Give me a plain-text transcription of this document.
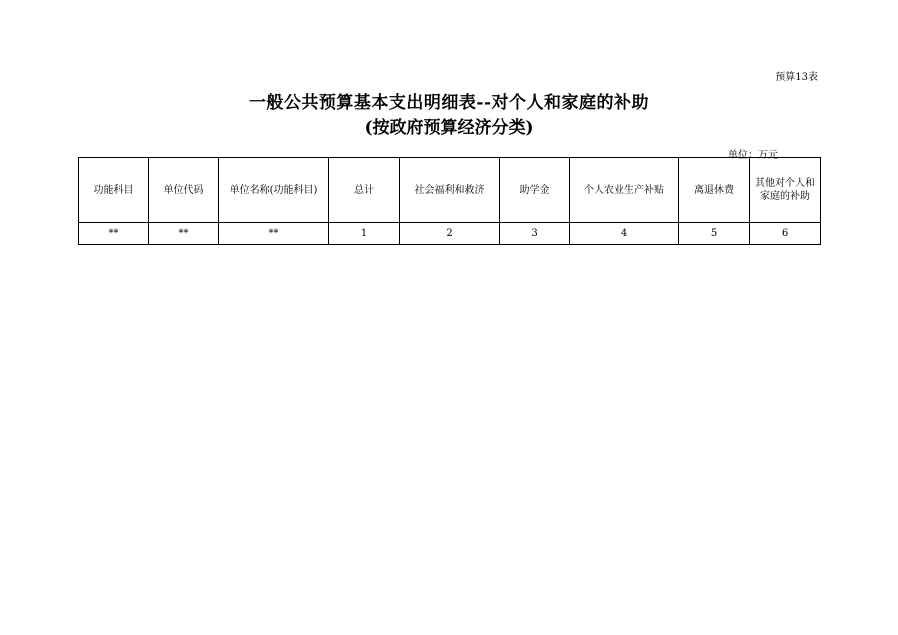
预算13表
一般公共预算基本支出明细表--对个人和家庭的补助
(按政府预算经济分类)
单位：万元
功能科目	单位代码	单位名称(功能科目)	总计	社会福利和救济	助学金	个人农业生产补贴	离退休费	其他对个人和家庭的补助
**	**	**	1	2	3	4	5	6
